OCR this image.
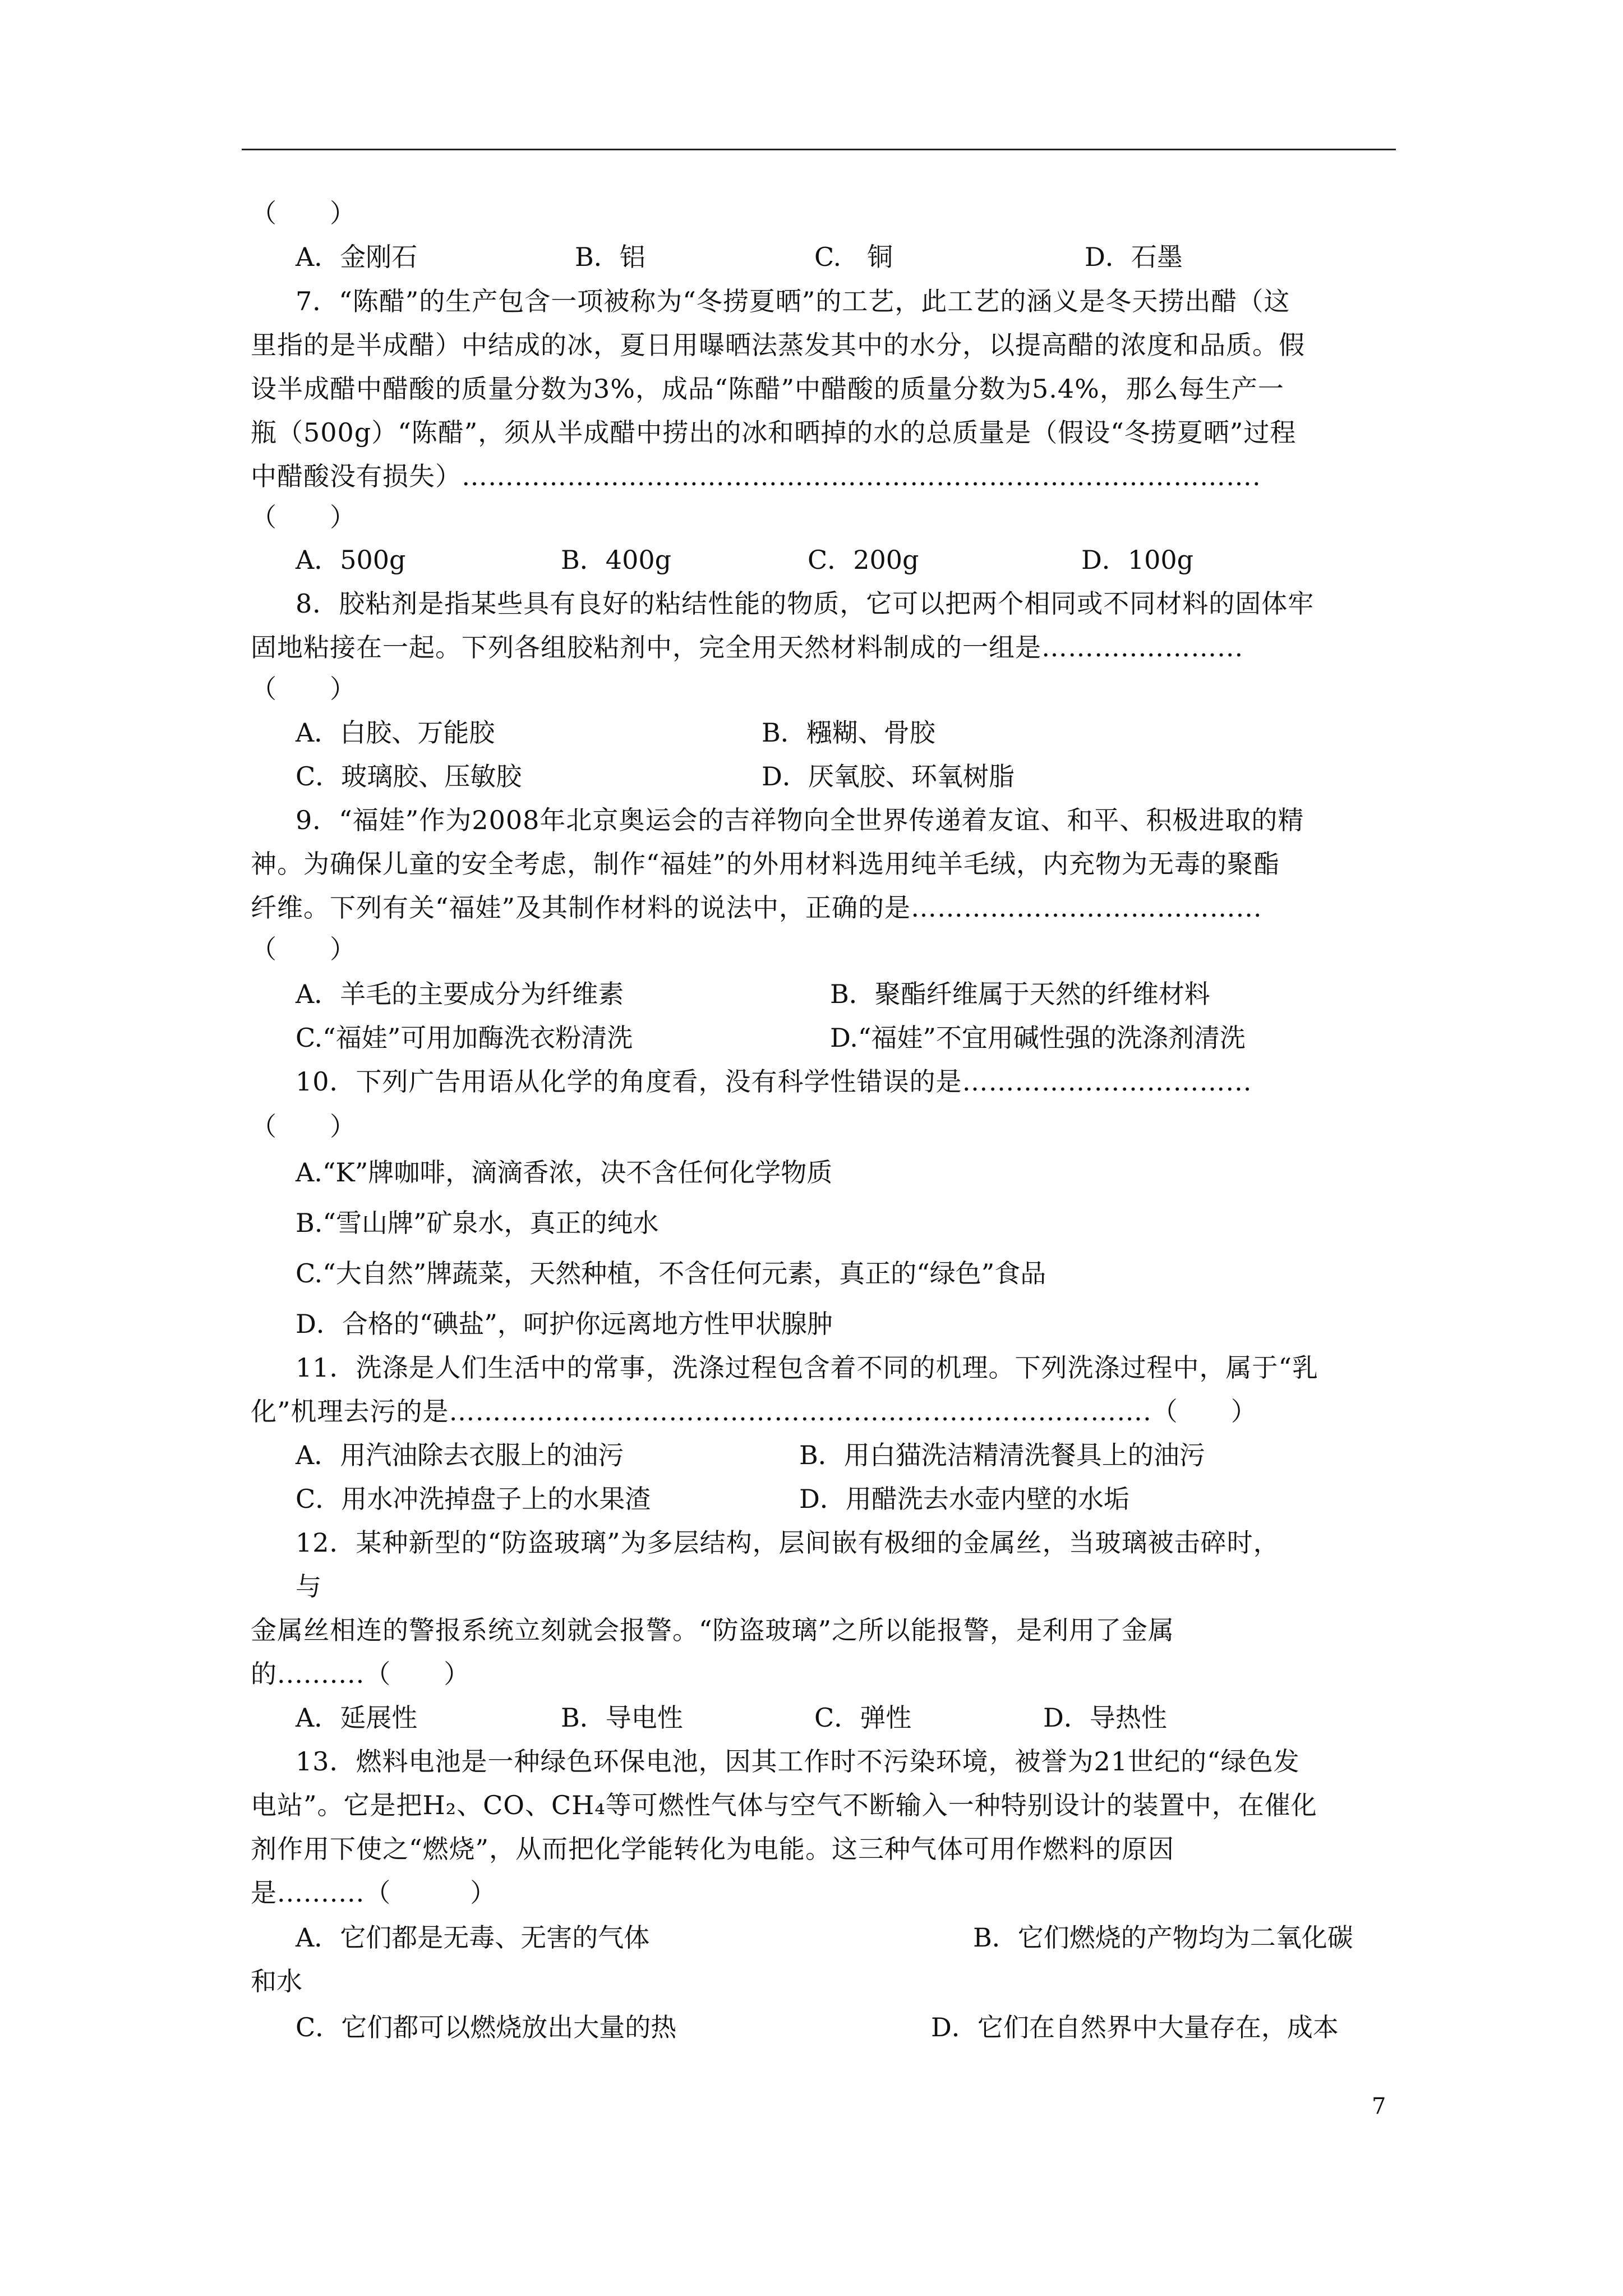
（　　）
A．金刚石	B．铝	C.　铜	D．石墨
7．“陈醋”的生产包含一项被称为“冬捞夏晒”的工艺，此工艺的涵义是冬天捞出醋（这
里指的是半成醋）中结成的冰，夏日用曝晒法蒸发其中的水分，以提高醋的浓度和品质。假
设半成醋中醋酸的质量分数为3%，成品“陈醋”中醋酸的质量分数为5.4%，那么每生产一
瓶（500g）“陈醋”，须从半成醋中捞出的冰和晒掉的水的总质量是（假设“冬捞夏晒”过程
中醋酸没有损失）……………………………………………………………………………….
（　　）
A．500g	B．400g	C．200g	D．100g
8．胶粘剂是指某些具有良好的粘结性能的物质，它可以把两个相同或不同材料的固体牢
固地粘接在一起。下列各组胶粘剂中，完全用天然材料制成的一组是………..………...
（　　）
A．白胶、万能胶	B．糨糊、骨胶
C．玻璃胶、压敏胶	D．厌氧胶、环氧树脂
9．“福娃”作为2008年北京奥运会的吉祥物向全世界传递着友谊、和平、积极进取的精
神。为确保儿童的安全考虑，制作“福娃”的外用材料选用纯羊毛绒，内充物为无毒的聚酯
纤维。下列有关“福娃”及其制作材料的说法中，正确的是……………….………………...
（　　）
A．羊毛的主要成分为纤维素	B．聚酯纤维属于天然的纤维材料
C.“福娃”可用加酶洗衣粉清洗	D.“福娃”不宜用碱性强的洗涤剂清洗
10．下列广告用语从化学的角度看，没有科学性错误的是…………………………...
（　　）
A.“K”牌咖啡，滴滴香浓，决不含任何化学物质
B.“雪山牌”矿泉水，真正的纯水
C.“大自然”牌蔬菜，天然种植，不含任何元素，真正的“绿色”食品
D．合格的“碘盐”，呵护你远离地方性甲状腺肿
11．洗涤是人们生活中的常事，洗涤过程包含着不同的机理。下列洗涤过程中，属于“乳
化”机理去污的是…………….……………………………………………………….（　　）
A．用汽油除去衣服上的油污	B．用白猫洗洁精清洗餐具上的油污
C．用水冲洗掉盘子上的水果渣	D．用醋洗去水壶内壁的水垢
12．某种新型的“防盗玻璃”为多层结构，层间嵌有极细的金属丝，当玻璃被击碎时，
与
金属丝相连的警报系统立刻就会报警。“防盗玻璃”之所以能报警，是利用了金属
的..........（　　）
A．延展性	B．导电性	C．弹性	D．导热性
13．燃料电池是一种绿色环保电池，因其工作时不污染环境，被誉为21世纪的“绿色发
电站”。它是把H₂、CO、CH₄等可燃性气体与空气不断输入一种特别设计的装置中，在催化
剂作用下使之“燃烧”，从而把化学能转化为电能。这三种气体可用作燃料的原因
是..........（　　　）
A．它们都是无毒、无害的气体	B．它们燃烧的产物均为二氧化碳
和水
C．它们都可以燃烧放出大量的热	D．它们在自然界中大量存在，成本
7
